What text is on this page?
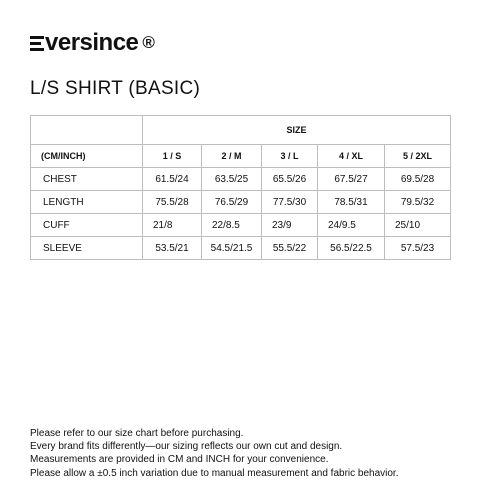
versince ®
L/S SHIRT (BASIC)
	SIZE				
(CM/INCH)	1 / S	2 / M	3 / L	4 / XL	5 / 2XL
CHEST	61.5/24	63.5/25	65.5/26	67.5/27	69.5/28
LENGTH	75.5/28	76.5/29	77.5/30	78.5/31	79.5/32
CUFF	21/8	22/8.5	23/9	24/9.5	25/10
SLEEVE	53.5/21	54.5/21.5	55.5/22	56.5/22.5	57.5/23
Please refer to our size chart before purchasing.
Every brand fits differently—our sizing reflects our own cut and design.
Measurements are provided in CM and INCH for your convenience.
Please allow a ±0.5 inch variation due to manual measurement and fabric behavior.
